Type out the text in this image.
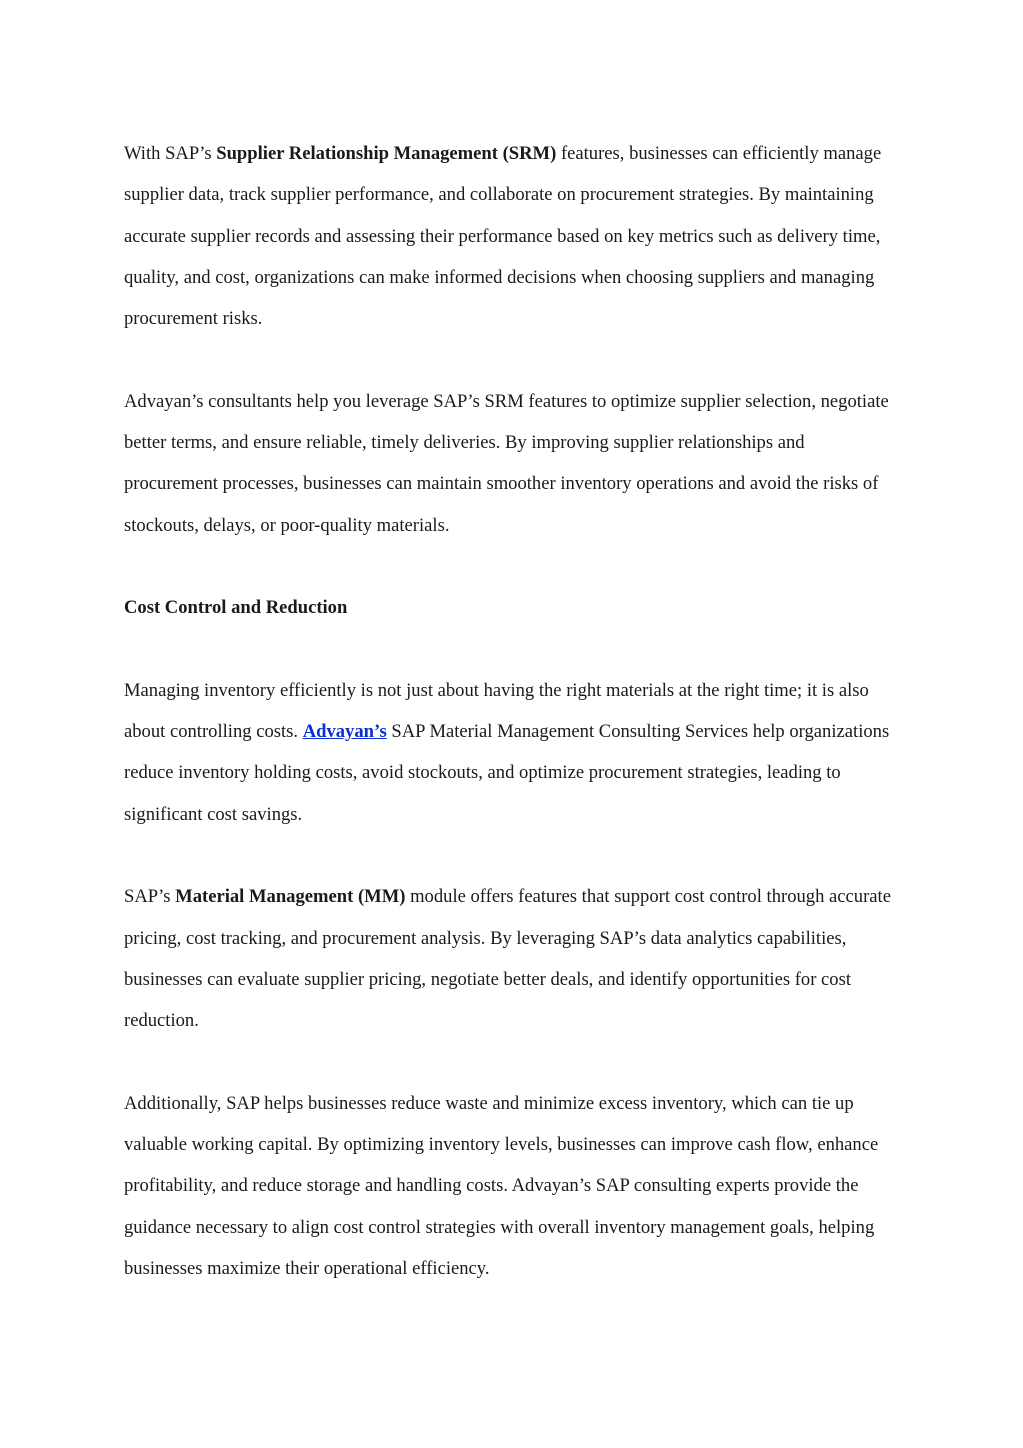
With SAP’s Supplier Relationship Management (SRM) features, businesses can efficiently manage supplier data, track supplier performance, and collaborate on procurement strategies. By maintaining accurate supplier records and assessing their performance based on key metrics such as delivery time, quality, and cost, organizations can make informed decisions when choosing suppliers and managing procurement risks.

Advayan’s consultants help you leverage SAP’s SRM features to optimize supplier selection, negotiate better terms, and ensure reliable, timely deliveries. By improving supplier relationships and procurement processes, businesses can maintain smoother inventory operations and avoid the risks of stockouts, delays, or poor-quality materials.

Cost Control and Reduction

Managing inventory efficiently is not just about having the right materials at the right time; it is also about controlling costs. Advayan’s SAP Material Management Consulting Services help organizations reduce inventory holding costs, avoid stockouts, and optimize procurement strategies, leading to significant cost savings.

SAP’s Material Management (MM) module offers features that support cost control through accurate pricing, cost tracking, and procurement analysis. By leveraging SAP’s data analytics capabilities, businesses can evaluate supplier pricing, negotiate better deals, and identify opportunities for cost reduction.

Additionally, SAP helps businesses reduce waste and minimize excess inventory, which can tie up valuable working capital. By optimizing inventory levels, businesses can improve cash flow, enhance profitability, and reduce storage and handling costs. Advayan’s SAP consulting experts provide the guidance necessary to align cost control strategies with overall inventory management goals, helping businesses maximize their operational efficiency.
